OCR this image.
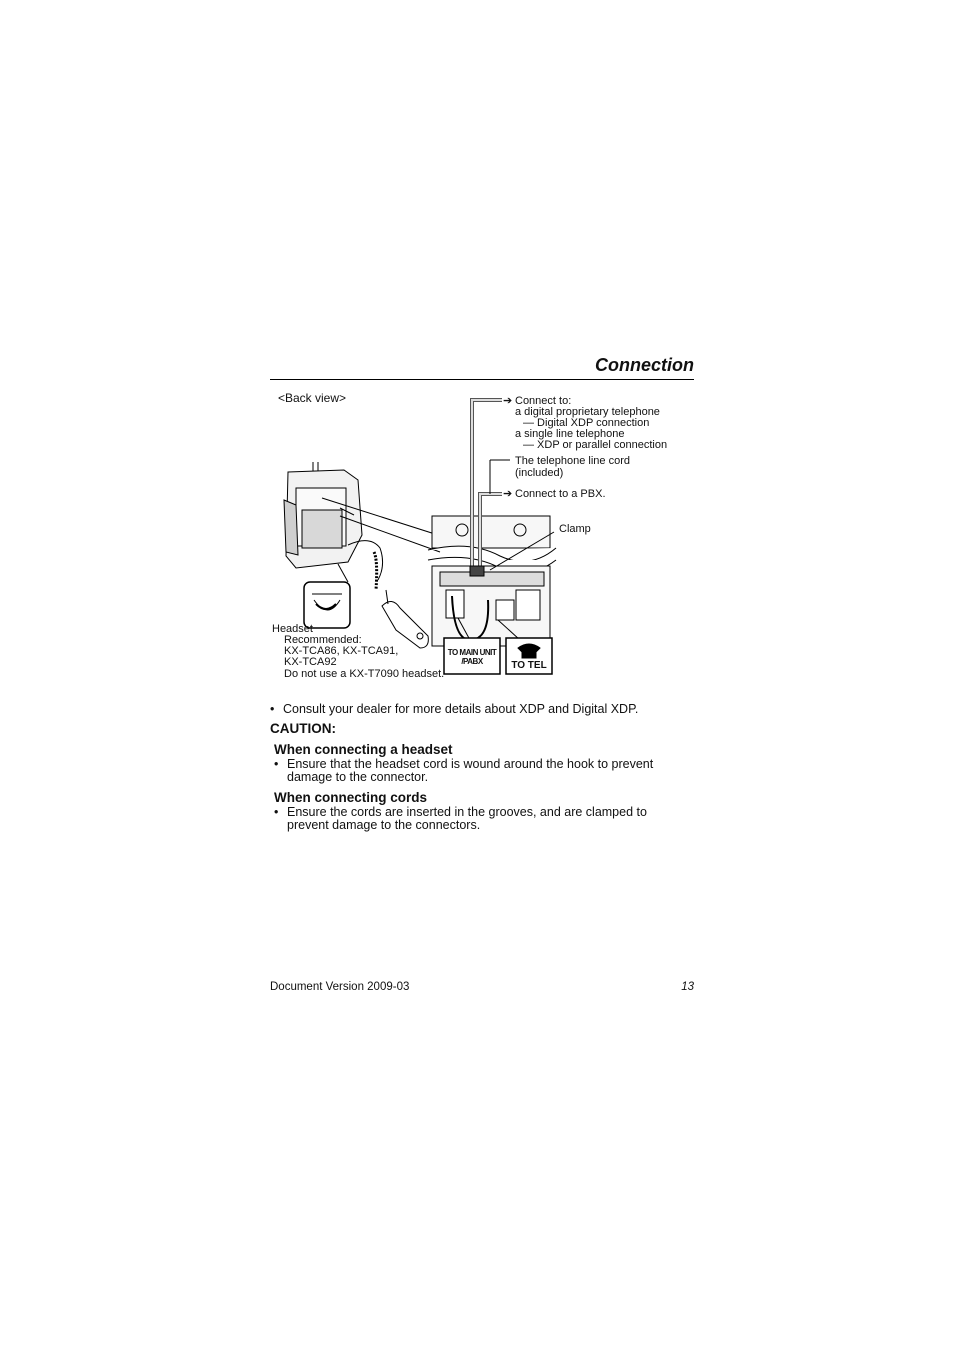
Connection
<Back view>	➔ Connect to:
a digital proprietary telephone
— Digital XDP connection
a single line telephone
— XDP or parallel connection
The telephone line cord
(included)
➔ Connect to a PBX.
Clamp
Headset
Recommended:
KX-TCA86, KX-TCA91,
KX-TCA92
Do not use a KX-T7090 headset.
TO MAIN UNIT
/PABX	TO TEL
• Consult your dealer for more details about XDP and Digital XDP.
CAUTION:
When connecting a headset
• Ensure that the headset cord is wound around the hook to prevent
damage to the connector.
When connecting cords
• Ensure the cords are inserted in the grooves, and are clamped to
prevent damage to the connectors.
Document Version 2009-03	13
